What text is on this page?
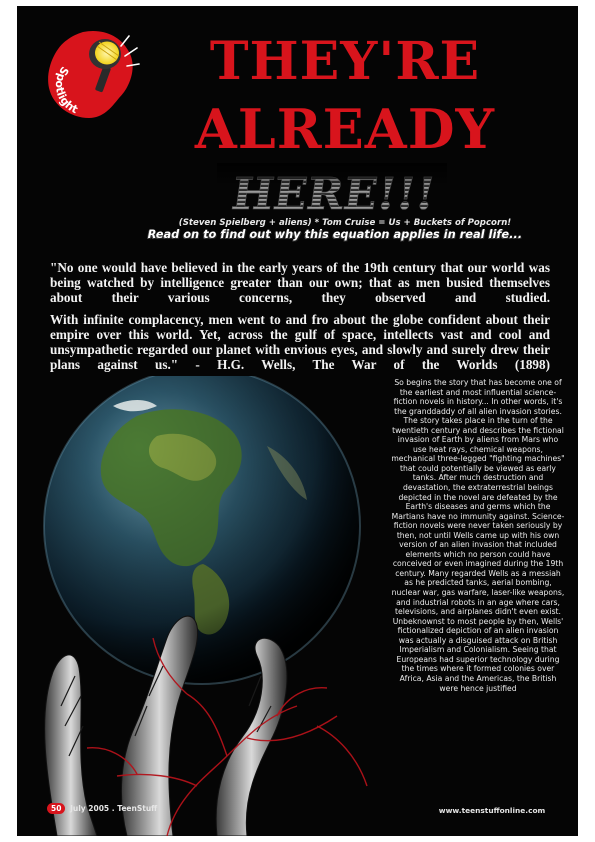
Spotlight
THEY'RE
ALREADY

(Steven Spielberg + aliens) * Tom Cruise = Us + Buckets of Popcorn!

Read on to find out why this equation applies in real life...

"No one would have believed in the early years of the 19th century that our world was being watched by intelligence greater than our own; that as men busied themselves about their various concerns, they observed and studied.

With infinite complacency, men went to and fro about the globe confident about their empire over this world. Yet, across the gulf of space, intellects vast and cool and unsympathetic regarded our planet with envious eyes, and slowly and surely drew their plans against us." - H.G. Wells, The War of the Worlds (1898)

So begins the story that has become one of the earliest and most influential science-fiction novels in history... In other words, it's the granddaddy of all alien invasion stories. The story takes place in the turn of the twentieth century and describes the fictional invasion of Earth by aliens from Mars who use heat rays, chemical weapons, mechanical three-legged "fighting machines" that could potentially be viewed as early tanks. After much destruction and devastation, the extraterrestrial beings depicted in the novel are defeated by the Earth's diseases and germs which the Martians have no immunity against. Science-fiction novels were never taken seriously by then, not until Wells came up with his own version of an alien invasion that included elements which no person could have conceived or even imagined during the 19th century. Many regarded Wells as a messiah as he predicted tanks, aerial bombing, nuclear war, gas warfare, laser-like weapons, and industrial robots in an age where cars, televisions, and airplanes didn't even exist. Unbeknownst to most people by then, Wells' fictionalized depiction of an alien invasion was actually a disguised attack on British Imperialism and Colonialism. Seeing that Europeans had superior technology during the times where it formed colonies over Africa, Asia and the Americas, the British were hence justified

50 July 2005 . TeenStuff	www.teenstuffonline.com
